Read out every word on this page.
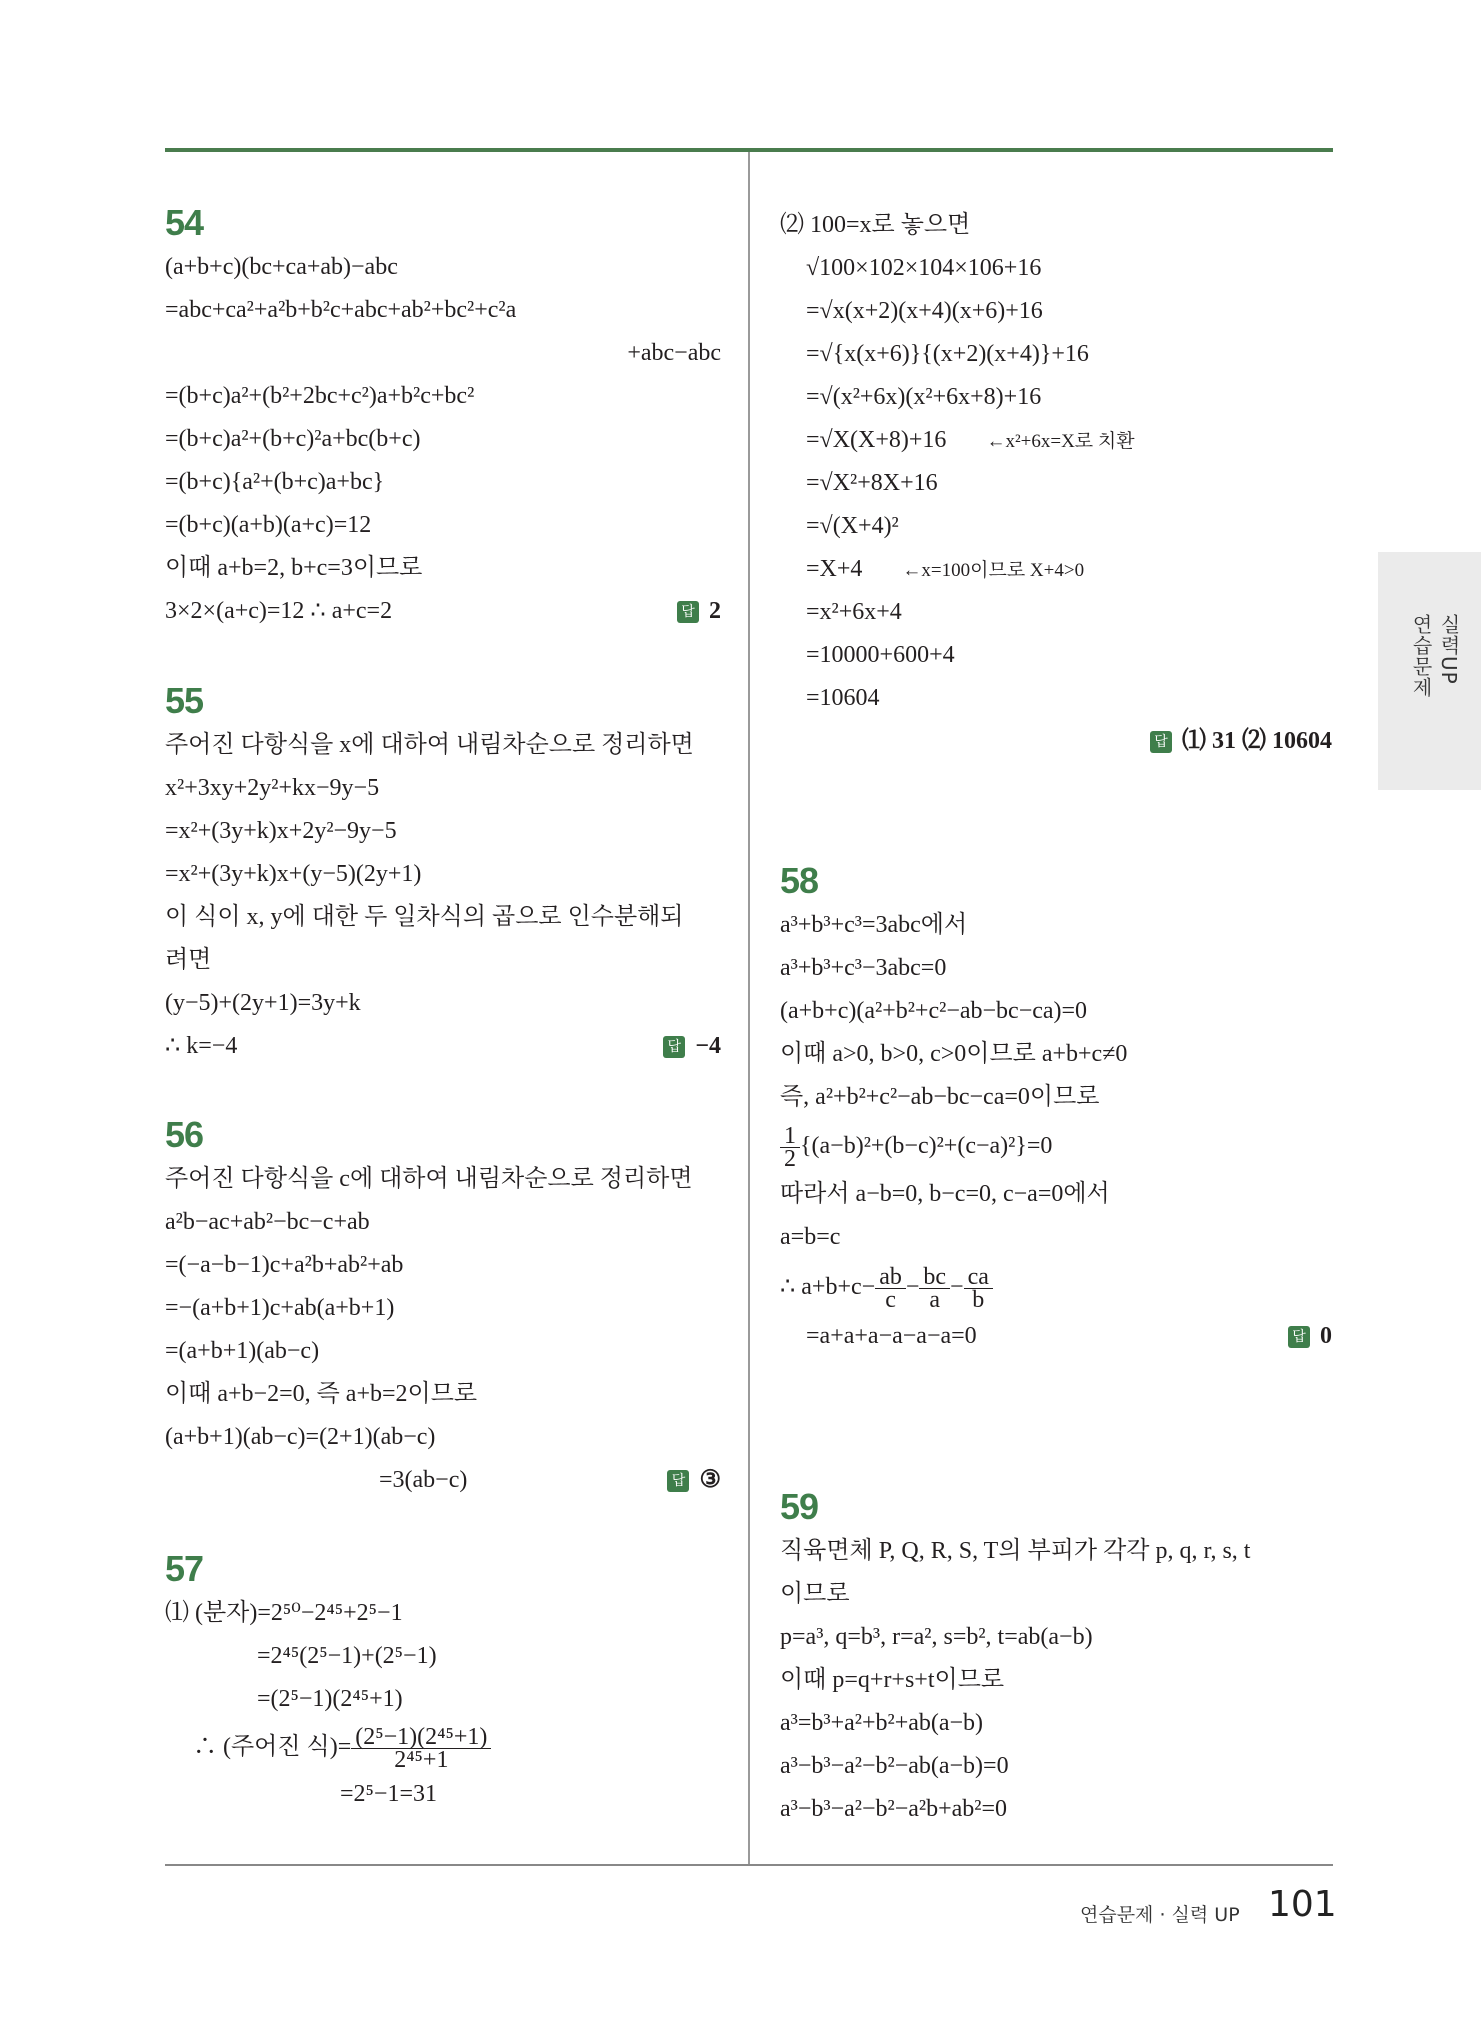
54
(a+b+c)(bc+ca+ab)−abc
=abc+ca²+a²b+b²c+abc+ab²+bc²+c²a
+abc−abc
=(b+c)a²+(b²+2bc+c²)a+b²c+bc²
=(b+c)a²+(b+c)²a+bc(b+c)
=(b+c){a²+(b+c)a+bc}
=(b+c)(a+b)(a+c)=12
이때 a+b=2, b+c=3이므로
3×2×(a+c)=12 ∴ a+c=2	답 2
55
주어진 다항식을 x에 대하여 내림차순으로 정리하면
x²+3xy+2y²+kx−9y−5
=x²+(3y+k)x+2y²−9y−5
=x²+(3y+k)x+(y−5)(2y+1)
이 식이 x, y에 대한 두 일차식의 곱으로 인수분해되
려면
(y−5)+(2y+1)=3y+k
∴ k=−4	답 −4
56
주어진 다항식을 c에 대하여 내림차순으로 정리하면
a²b−ac+ab²−bc−c+ab
=(−a−b−1)c+a²b+ab²+ab
=−(a+b+1)c+ab(a+b+1)
=(a+b+1)(ab−c)
이때 a+b−2=0, 즉 a+b=2이므로
(a+b+1)(ab−c)=(2+1)(ab−c)
=3(ab−c)	답 ③
57
⑴ (분자)=2⁵⁰−2⁴⁵+2⁵−1
=2⁴⁵(2⁵−1)+(2⁵−1)
=(2⁵−1)(2⁴⁵+1)
∴ (주어진 식)= $\frac{\text{(2⁵−1)(2⁴⁵+1)}}{\text{2⁴⁵+1}}$
=2⁵−1=31
⑵ 100=x로 놓으면
√100×102×104×106+16
=√x(x+2)(x+4)(x+6)+16
=√{x(x+6)}{(x+2)(x+4)}+16
=√(x²+6x)(x²+6x+8)+16
=√X(X+8)+16 ←x²+6x=X로 치환
=√X²+8X+16
=√(X+4)²
=X+4 ←x=100이므로 X+4>0
=x²+6x+4
=10000+600+4
=10604
답 ⑴ 31 ⑵ 10604
58
a³+b³+c³=3abc에서
a³+b³+c³−3abc=0
(a+b+c)(a²+b²+c²−ab−bc−ca)=0
이때 a>0, b>0, c>0이므로 a+b+c≠0
즉, a²+b²+c²−ab−bc−ca=0이므로
$\frac{1}{2} \{(a-b)^2+(b-c)^2+(c-a)^2\}=0$
따라서 a−b=0, b−c=0, c−a=0에서
a=b=c
∴ $a+b+c- \frac{ab}{c} - \frac{bc}{a} - \frac{ca}{b}$
=a+a+a−a−a−a=0	답 0
59
직육면체 P, Q, R, S, T의 부피가 각각 p, q, r, s, t
이므로
p=a³, q=b³, r=a², s=b², t=ab(a−b)
이때 p=q+r+s+t이므로
a³=b³+a²+b²+ab(a−b)
a³−b³−a²−b²−ab(a−b)=0
a³−b³−a²−b²−a²b+ab²=0
연습문제 실력UP
연습문제 · 실력 UP 101
